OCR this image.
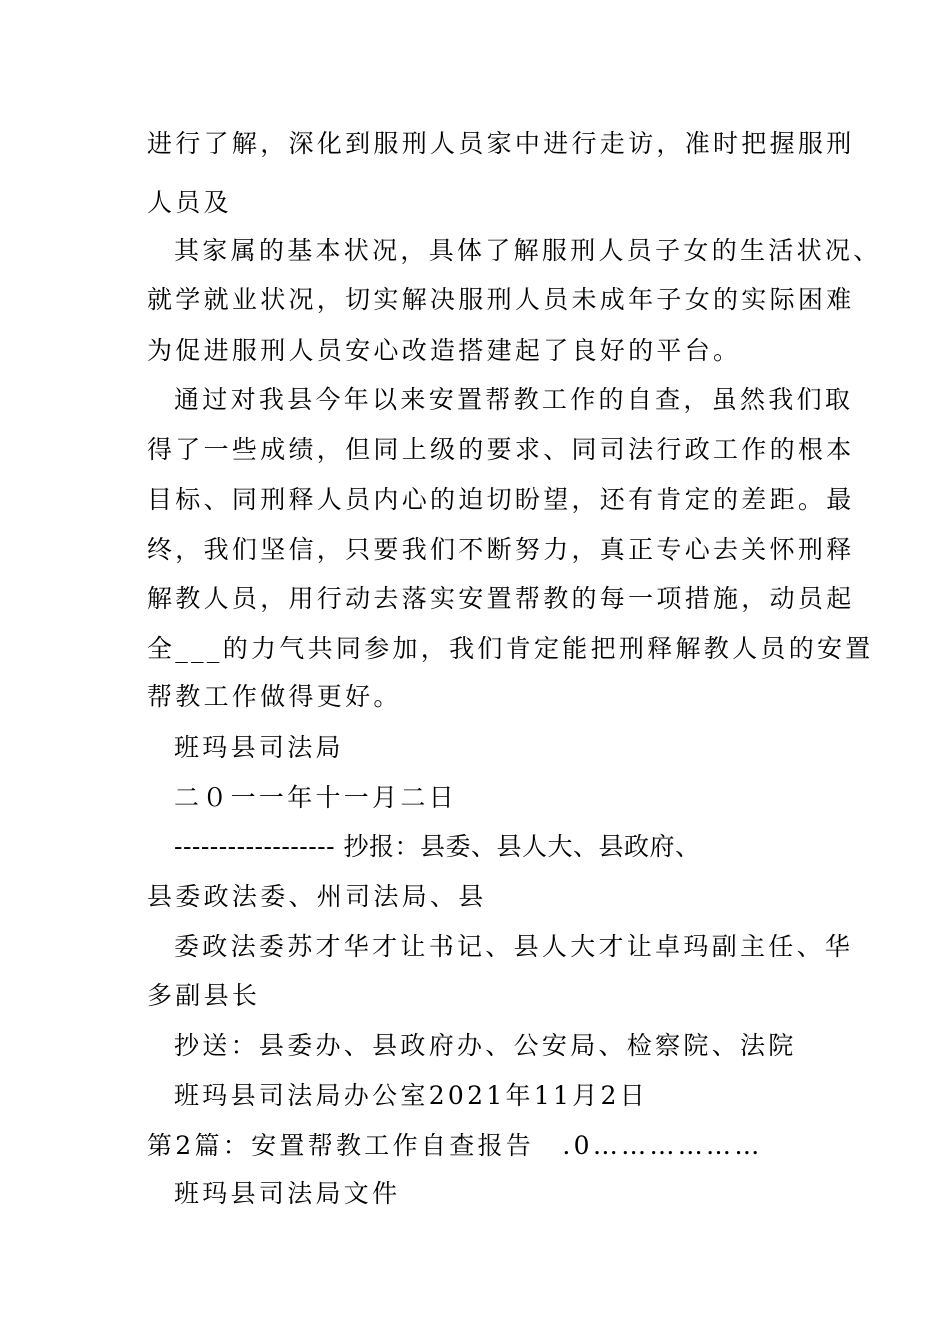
进行了解，深化到服刑人员家中进行走访，准时把握服刑
人员及
其家属的基本状况，具体了解服刑人员子女的生活状况、
就学就业状况，切实解决服刑人员未成年子女的实际困难
为促进服刑人员安心改造搭建起了良好的平台。
通过对我县今年以来安置帮教工作的自查，虽然我们取
得了一些成绩，但同上级的要求、同司法行政工作的根本
目标、同刑释人员内心的迫切盼望，还有肯定的差距。最
终，我们坚信，只要我们不断努力，真正专心去关怀刑释
解教人员，用行动去落实安置帮教的每一项措施，动员起
全___的力气共同参加，我们肯定能把刑释解教人员的安置
帮教工作做得更好。
班玛县司法局
二０一一年十一月二日
------------------ 抄报：县委、县人大、县政府、
县委政法委、州司法局、县
委政法委苏才华才让书记、县人大才让卓玛副主任、华
多副县长
抄送：县委办、县政府办、公安局、检察院、法院
班玛县司法局办公室2021年11月2日
第2篇：安置帮教工作自查报告　.0………………
班玛县司法局文件
